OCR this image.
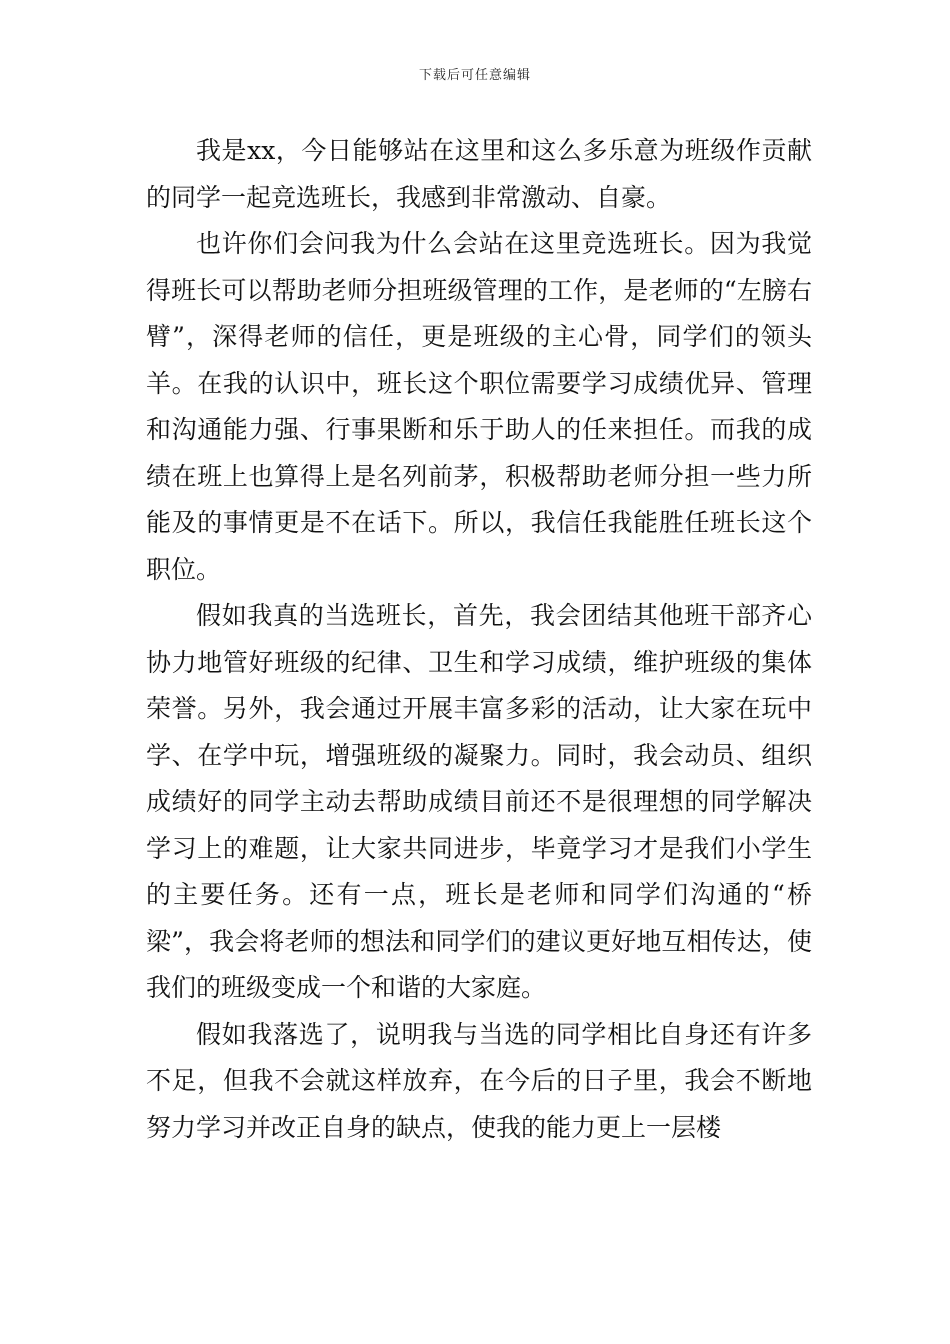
下载后可任意编辑

我是xx，今日能够站在这里和这么多乐意为班级作贡献的同学一起竞选班长，我感到非常激动、自豪。

也许你们会问我为什么会站在这里竞选班长。因为我觉得班长可以帮助老师分担班级管理的工作，是老师的“左膀右臂”，深得老师的信任，更是班级的主心骨，同学们的领头羊。在我的认识中，班长这个职位需要学习成绩优异、管理和沟通能力强、行事果断和乐于助人的任来担任。而我的成绩在班上也算得上是名列前茅，积极帮助老师分担一些力所能及的事情更是不在话下。所以，我信任我能胜任班长这个职位。

假如我真的当选班长，首先，我会团结其他班干部齐心协力地管好班级的纪律、卫生和学习成绩，维护班级的集体荣誉。另外，我会通过开展丰富多彩的活动，让大家在玩中学、在学中玩，增强班级的凝聚力。同时，我会动员、组织成绩好的同学主动去帮助成绩目前还不是很理想的同学解决学习上的难题，让大家共同进步，毕竟学习才是我们小学生的主要任务。还有一点，班长是老师和同学们沟通的“桥梁”，我会将老师的想法和同学们的建议更好地互相传达，使我们的班级变成一个和谐的大家庭。

假如我落选了，说明我与当选的同学相比自身还有许多不足，但我不会就这样放弃，在今后的日子里，我会不断地努力学习并改正自身的缺点，使我的能力更上一层楼
